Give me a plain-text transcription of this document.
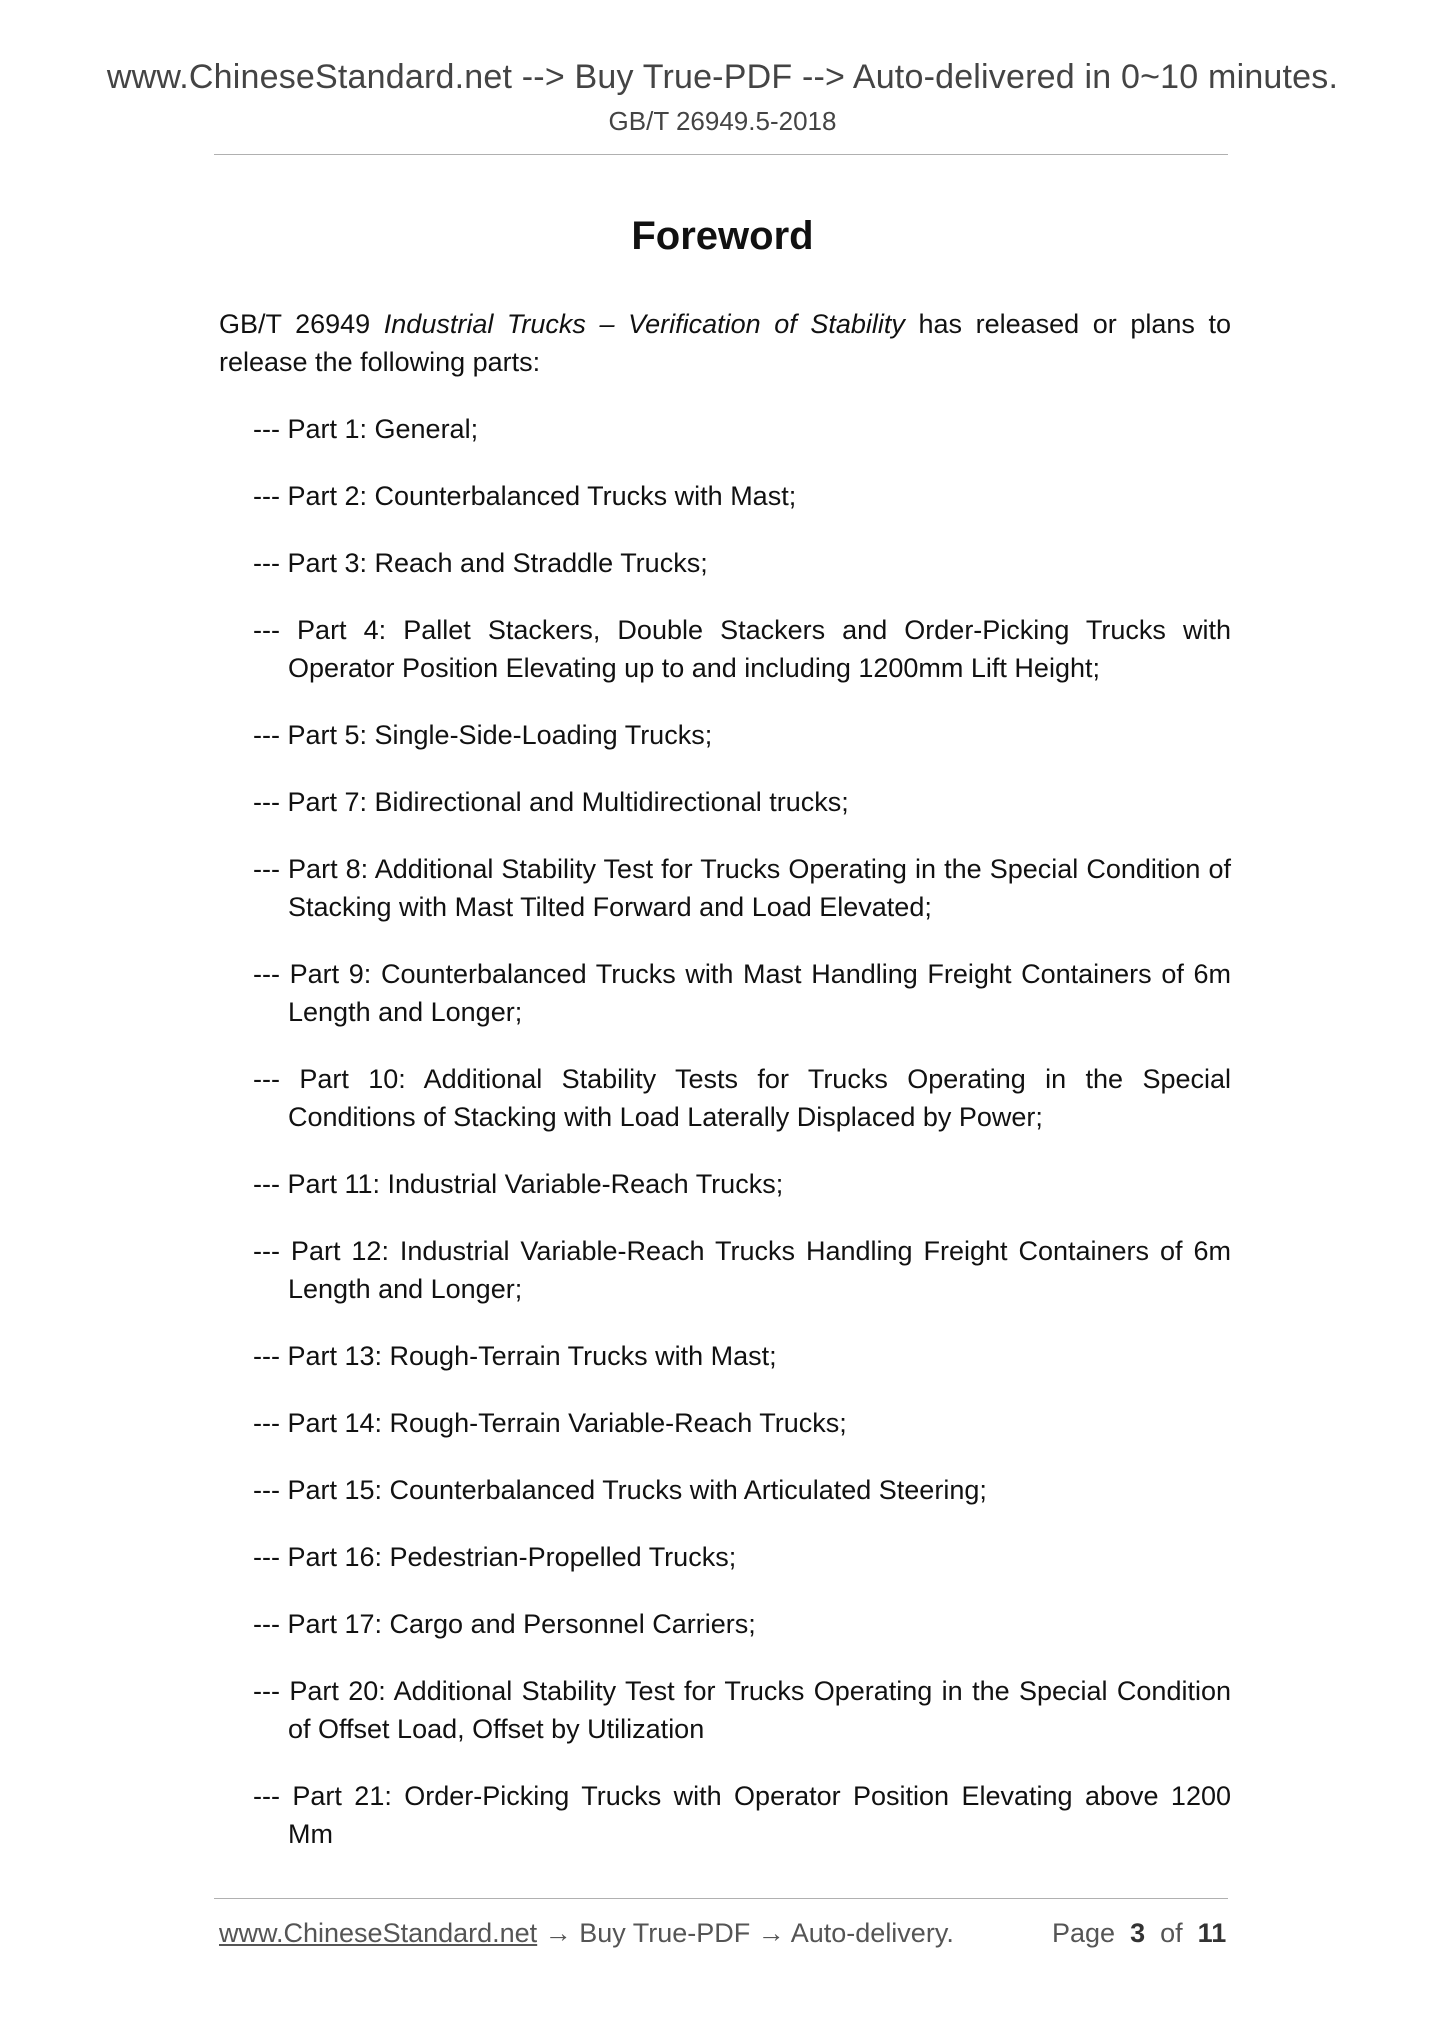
www.ChineseStandard.net --> Buy True-PDF --> Auto-delivered in 0~10 minutes.
GB/T 26949.5-2018
Foreword

GB/T 26949 Industrial Trucks – Verification of Stability has released or plans to release the following parts:

--- Part 1: General;
--- Part 2: Counterbalanced Trucks with Mast;
--- Part 3: Reach and Straddle Trucks;
--- Part 4: Pallet Stackers, Double Stackers and Order-Picking Trucks with Operator Position Elevating up to and including 1200mm Lift Height;
--- Part 5: Single-Side-Loading Trucks;
--- Part 7: Bidirectional and Multidirectional trucks;
--- Part 8: Additional Stability Test for Trucks Operating in the Special Condition of Stacking with Mast Tilted Forward and Load Elevated;
--- Part 9: Counterbalanced Trucks with Mast Handling Freight Containers of 6m Length and Longer;
--- Part 10: Additional Stability Tests for Trucks Operating in the Special Conditions of Stacking with Load Laterally Displaced by Power;
--- Part 11: Industrial Variable-Reach Trucks;
--- Part 12: Industrial Variable-Reach Trucks Handling Freight Containers of 6m Length and Longer;
--- Part 13: Rough-Terrain Trucks with Mast;
--- Part 14: Rough-Terrain Variable-Reach Trucks;
--- Part 15: Counterbalanced Trucks with Articulated Steering;
--- Part 16: Pedestrian-Propelled Trucks;
--- Part 17: Cargo and Personnel Carriers;
--- Part 20: Additional Stability Test for Trucks Operating in the Special Condition of Offset Load, Offset by Utilization
--- Part 21: Order-Picking Trucks with Operator Position Elevating above 1200 Mm
www.ChineseStandard.net → Buy True-PDF → Auto-delivery.	Page 3 of 11
